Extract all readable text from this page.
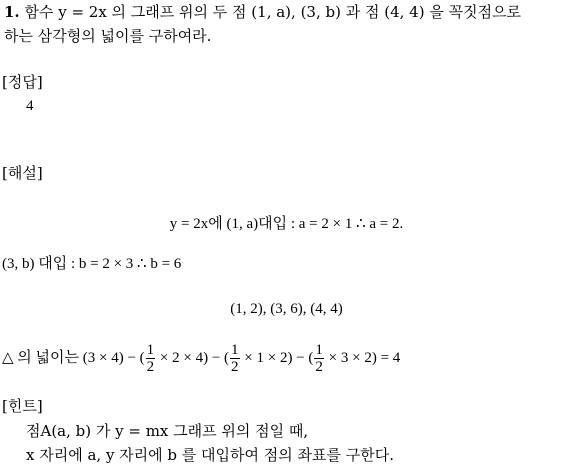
1. 함수 y = 2x 의 그래프 위의 두 점 (1, a), (3, b) 과 점 (4, 4) 을 꼭짓점으로
하는 삼각형의 넓이를 구하여라.
[정답]
4
[해설]
y = 2x에 (1, a)대입 : a = 2 × 1 ∴ a = 2.
(3, b) 대입 : b = 2 × 3 ∴ b = 6
(1, 2), (3, 6), (4, 4)
△ 의 넓이는 (3 × 4) − ( $\frac{1}{2} \times 2 \times 4$) − ( $\frac{1}{2} \times 1 \times 2$) − ( $\frac{1}{2} \times 3 \times 2) = 4$
[힌트]
점A(a, b) 가 y = mx 그래프 위의 점일 때,
x 자리에 a, y 자리에 b 를 대입하여 점의 좌표를 구한다.
